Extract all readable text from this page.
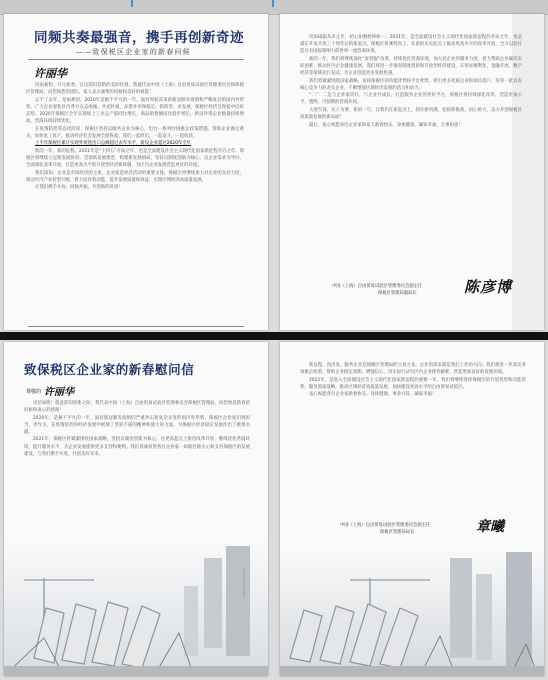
同频共奏最强音，携手再创新奇迹
——致保税区企业家的新春问候
许丽华

风雨兼程，开元新春。在这辞旧迎新的美好时刻，我谨代表中国（上海）自由贸易试验区管理委员会和保税区管理局，向您和您的团队、家人表示诚挚的问候和美好的祝愿！

忘不了去年，是艰难的，2020年是极不平凡的一年，面对突如其来的新冠肺炎疫情和严峻复杂的国内外形势，广大企业家和区内各方众志成城、共克时艰，多措并举保稳定、抓转型、求发展，保税区经济呈现稳中向好态势。2020年保税区全年实现规上工业总产值同比增长，商品销售额同比稳步增长，新设外资企业数量持续增加，营商环境持续优化。

在疫情防控常态化阶段，保税区坚持以服务企业为核心，出台一系列纾困惠企政策措施，帮助企业渡过难关，加快复工复产，推动经济社会发展全面恢复。我们一起经历，一起奋斗，一起收获。

上半年保税区累计实现外贸进出口总额超过去年水平，新设企业超过2020年全年

新的一年，新的征程。2021年是“十四五”开局之年，也是全面建设社会主义现代化国家新征程开启之年。保税区将继续立足新发展阶段，贯彻新发展理念，构建新发展格局，坚持以制度创新为核心，以企业需求为导向，全面深化改革开放，打造更高水平的开放型经济新体制，为区内企业发展营造更好的环境。

我们深知，企业是市场经济的主体，企业家是经济活动的重要主体，保税区将继续加大对企业的支持力度，推动区内产业转型升级，着力培育新动能，提升发展质量和效益，实现区域经济高质量发展。

让我们携手并肩，同频共振，共创新的奇迹！

风雨砥砺从未止步，初心如磐始终如一。2021年，是全面建设社会主义现代化国家新征程的开局之年，也是浦东开发开放三十周年后的新起点。保税区将乘势而上，在新的历史起点上推动更高水平的改革开放，全力以赴打造具有国际影响力的世界一流营商环境。

新的一年，我们将继续深化“放管服”改革，持续优化营商环境，加大对企业的服务力度，着力帮助企业解决实际困难，推动区内企业健康发展。我们将进一步推进制度创新和开放型经济建设，在贸易便利化、金融开放、数字经济等领域先行先试，为企业创造更多发展机遇。

我们将紧紧围绕国家战略，发挥保税区的功能优势和平台优势，吸引更多优质企业和项目落户，培育一批具有核心竞争力的龙头企业，不断增强区域经济发展的活力和动力。

“二”：二是与企业家同行，与企业共成长，打造服务企业的更好平台，保税区将持续深化改革，营造更加公平、透明、可预期的营商环境。

大道至简，实干为要。新的一年，让我们在新起点上，抓住新机遇，迎接新挑战，同心协力，奋力开创保税区高质量发展的新局面！

最后，衷心祝愿各位企业家和家人新春快乐、身体健康、阖家幸福、万事如意！

中国（上海）自由贸易试验区管理委员会副主任
保税区管理局副局长	陈彦博
致保税区企业家的新春慰问信
尊敬的 许丽华

见信如晤！值此辞旧迎新之际，我代表中国（上海）自由贸易试验区管理委员会保税区管理局，向您致以新春的问候和衷心的感谢！

2020年，是极不平凡的一年。面对新冠肺炎疫情的严重冲击和复杂多变的国内外形势，保税区企业家们勇担当、善作为，在疫情防控和经济发展中展现了坚韧不拔的精神和强大的力量，为保税区经济稳定发展作出了重要贡献。

2021年，保税区将紧紧围绕国家战略，坚持以制度创新为核心，在更高起点上推进改革开放，继续优化营商环境，提升服务水平，为企业发展提供更多支持和便利。我们真诚希望各位企业家一如既往地关心和支持保税区的发展建设，与我们携手并进，共创美好未来。

新征程，再出发。服务企业是保税区管理局的立身之本，企业的需求就是我们工作的方向。我们将进一步落实各项惠企政策，帮助企业稳定预期、增强信心，用实际行动为区内企业排忧解难，营造更加良好的发展环境。

2022年，是进入全面建设社会主义现代化国家新征程的重要一年。我们将继续发挥保税区的开放优势和功能优势，服务国家战略，推动区域经济高质量发展，加快建设更高水平的自由贸易试验区。

衷心祝愿各位企业家新春快乐、身体健康、事业兴旺、阖家幸福！

中国（上海）自由贸易试验区管理委员会副主任
保税区管理局局长	章曦
